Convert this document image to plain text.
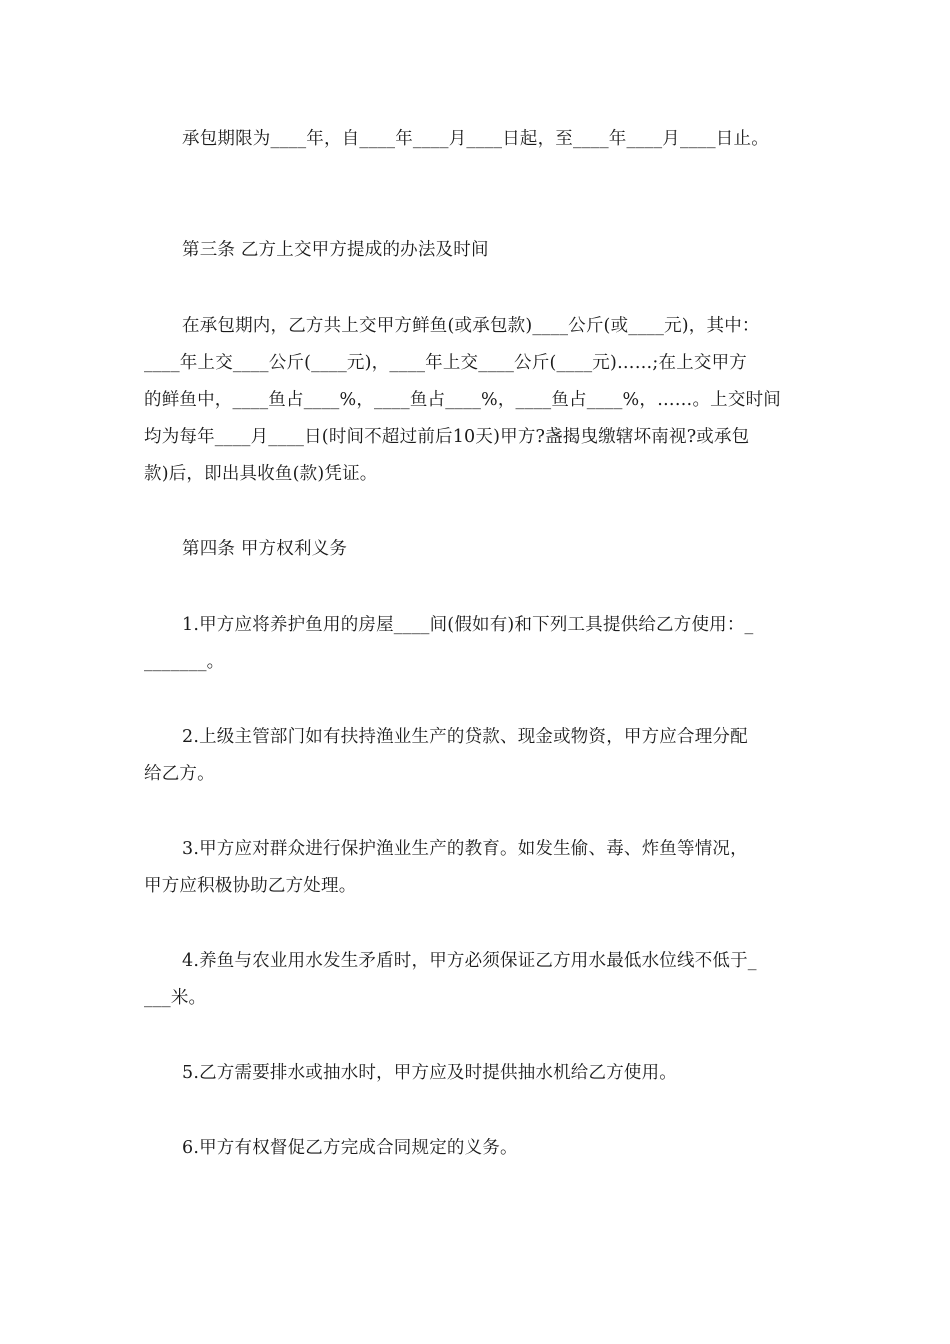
承包期限为____年，自____年____月____日起，至____年____月____日止。
第三条 乙方上交甲方提成的办法及时间
在承包期内，乙方共上交甲方鲜鱼(或承包款)____公斤(或____元)，其中：
____年上交____公斤(____元)，____年上交____公斤(____元)……;在上交甲方
的鲜鱼中，____鱼占____%，____鱼占____%，____鱼占____%，……。上交时间
均为每年____月____日(时间不超过前后10天)甲方?盏揭曳缴辖坏南视?或承包
款)后，即出具收鱼(款)凭证。
第四条 甲方权利义务
1.甲方应将养护鱼用的房屋____间(假如有)和下列工具提供给乙方使用：_
_______。
2.上级主管部门如有扶持渔业生产的贷款、现金或物资，甲方应合理分配
给乙方。
3.甲方应对群众进行保护渔业生产的教育。如发生偷、毒、炸鱼等情况，
甲方应积极协助乙方处理。
4.养鱼与农业用水发生矛盾时，甲方必须保证乙方用水最低水位线不低于_
___米。
5.乙方需要排水或抽水时，甲方应及时提供抽水机给乙方使用。
6.甲方有权督促乙方完成合同规定的义务。
